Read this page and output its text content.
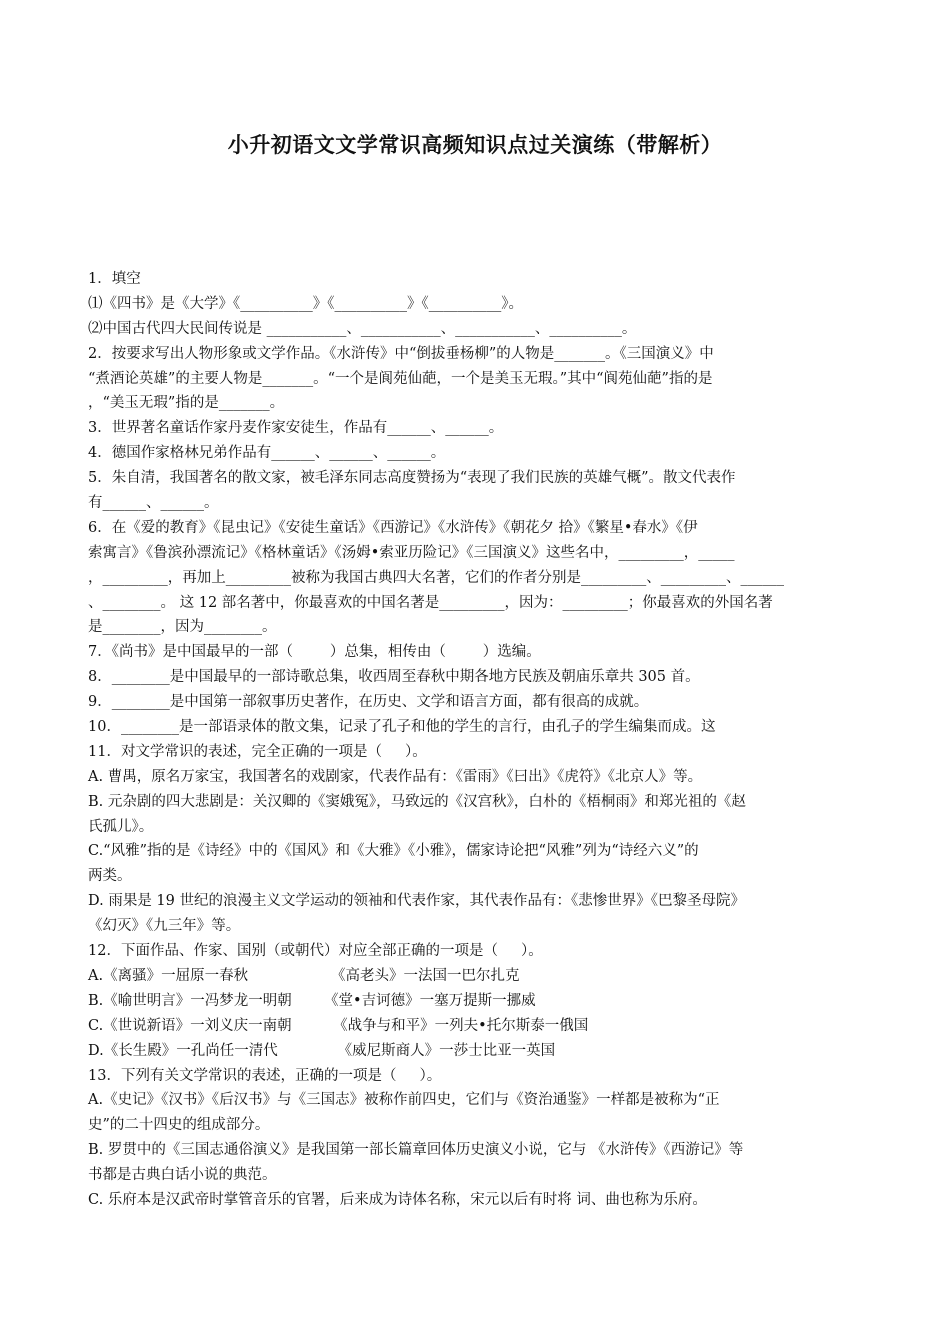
小升初语文文学常识高频知识点过关演练（带解析）
1．填空
⑴《四书》是《大学》《__________》《__________》《__________》。
⑵中国古代四大民间传说是 ___________、___________、___________、__________。
2．按要求写出人物形象或文学作品。《水浒传》中“倒拔垂杨柳”的人物是_______。《三国演义》中
“煮酒论英雄”的主要人物是_______。“一个是阆苑仙葩，一个是美玉无瑕。”其中“阆苑仙葩”指的是
，“美玉无瑕”指的是_______。
3．世界著名童话作家丹麦作家安徒生，作品有______、______。
4．德国作家格林兄弟作品有______、______、______。
5．朱自清，我国著名的散文家，被毛泽东同志高度赞扬为“表现了我们民族的英雄气概”。散文代表作
有______、______。
6．在《爱的教育》《昆虫记》《安徒生童话》《西游记》《水浒传》《朝花夕 拾》《繁星•春水》《伊
索寓言》《鲁滨孙漂流记》《格林童话》《汤姆•索亚历险记》《三国演义》这些名中，_________，_____
，_________，再加上_________被称为我国古典四大名著，它们的作者分别是_________、_________、______
、________。 这 12 部名著中，你最喜欢的中国名著是_________，因为：_________；你最喜欢的外国名著
是________，因为________。
7．《尚书》是中国最早的一部（        ）总集，相传由（        ）选编。
8．________是中国最早的一部诗歌总集，收西周至春秋中期各地方民族及朝庙乐章共 305 首。
9．________是中国第一部叙事历史著作，在历史、文学和语言方面，都有很高的成就。
10．________是一部语录体的散文集，记录了孔子和他的学生的言行，由孔子的学生编集而成。这
11．对文学常识的表述，完全正确的一项是（     ）。
A. 曹禺，原名万家宝，我国著名的戏剧家，代表作品有：《雷雨》《曰出》《虎符》《北京人》等。
B. 元杂剧的四大悲剧是：关汉卿的《窦娥冤》，马致远的《汉宫秋》，白朴的《梧桐雨》和郑光祖的《赵
氏孤儿》。
C.“风雅”指的是《诗经》中的《国风》和《大雅》《小雅》，儒家诗论把“风雅”列为“诗经六义”的
两类。
D. 雨果是 19 世纪的浪漫主义文学运动的领袖和代表作家，其代表作品有：《悲惨世界》《巴黎圣母院》
《幻灭》《九三年》等。
12．下面作品、作家、国别（或朝代）对应全部正确的一项是（     ）。
A.《离骚》一屈原一春秋                  《高老头》一法国一巴尔扎克
B.《喻世明言》一冯梦龙一明朝       《堂•吉诃德》一塞万提斯一挪威
C.《世说新语》一刘义庆一南朝         《战争与和平》一列夫•托尔斯泰一俄国
D.《长生殿》一孔尚任一清代             《威尼斯商人》一莎士比亚一英国
13．下列有关文学常识的表述，正确的一项是（     ）。
A.《史记》《汉书》《后汉书》与《三国志》被称作前四史，它们与《资治通鉴》一样都是被称为“正
史”的二十四史的组成部分。
B. 罗贯中的《三国志通俗演义》是我国第一部长篇章回体历史演义小说，它与 《水浒传》《西游记》等
书都是古典白话小说的典范。
C. 乐府本是汉武帝时掌管音乐的官署，后来成为诗体名称，宋元以后有时将 词、曲也称为乐府。
